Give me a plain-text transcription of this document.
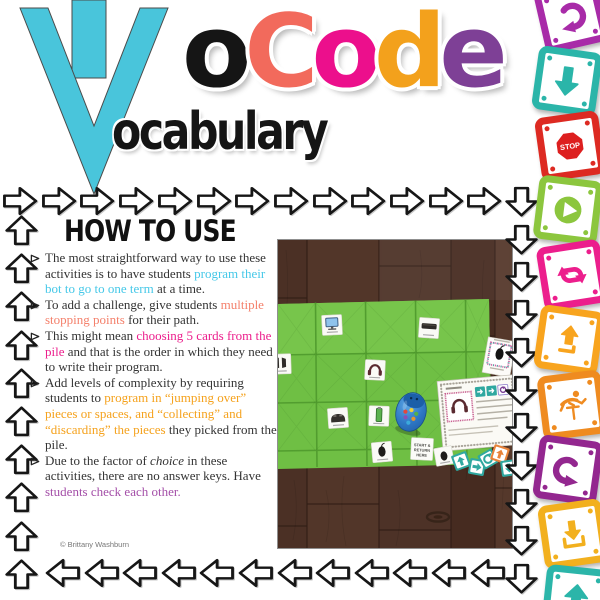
oCode
ocabulary
HOW TO USE
The most straightforward way to use these activities is to have students program their bot to go to one term at a time.
To add a challenge, give students multiple stopping points for their path.
This might mean choosing 5 cards from the pile and that is the order in which they need to write their program.
Add levels of complexity by requiring students to program in “jumping over” pieces or spaces, and “collecting” and “discarding” the pieces they picked from the pile.
Due to the factor of choice in these activities, there are no answer keys. Have students check each other.
START &
RETURN
HERE
© Brittany Washburn
STOP
